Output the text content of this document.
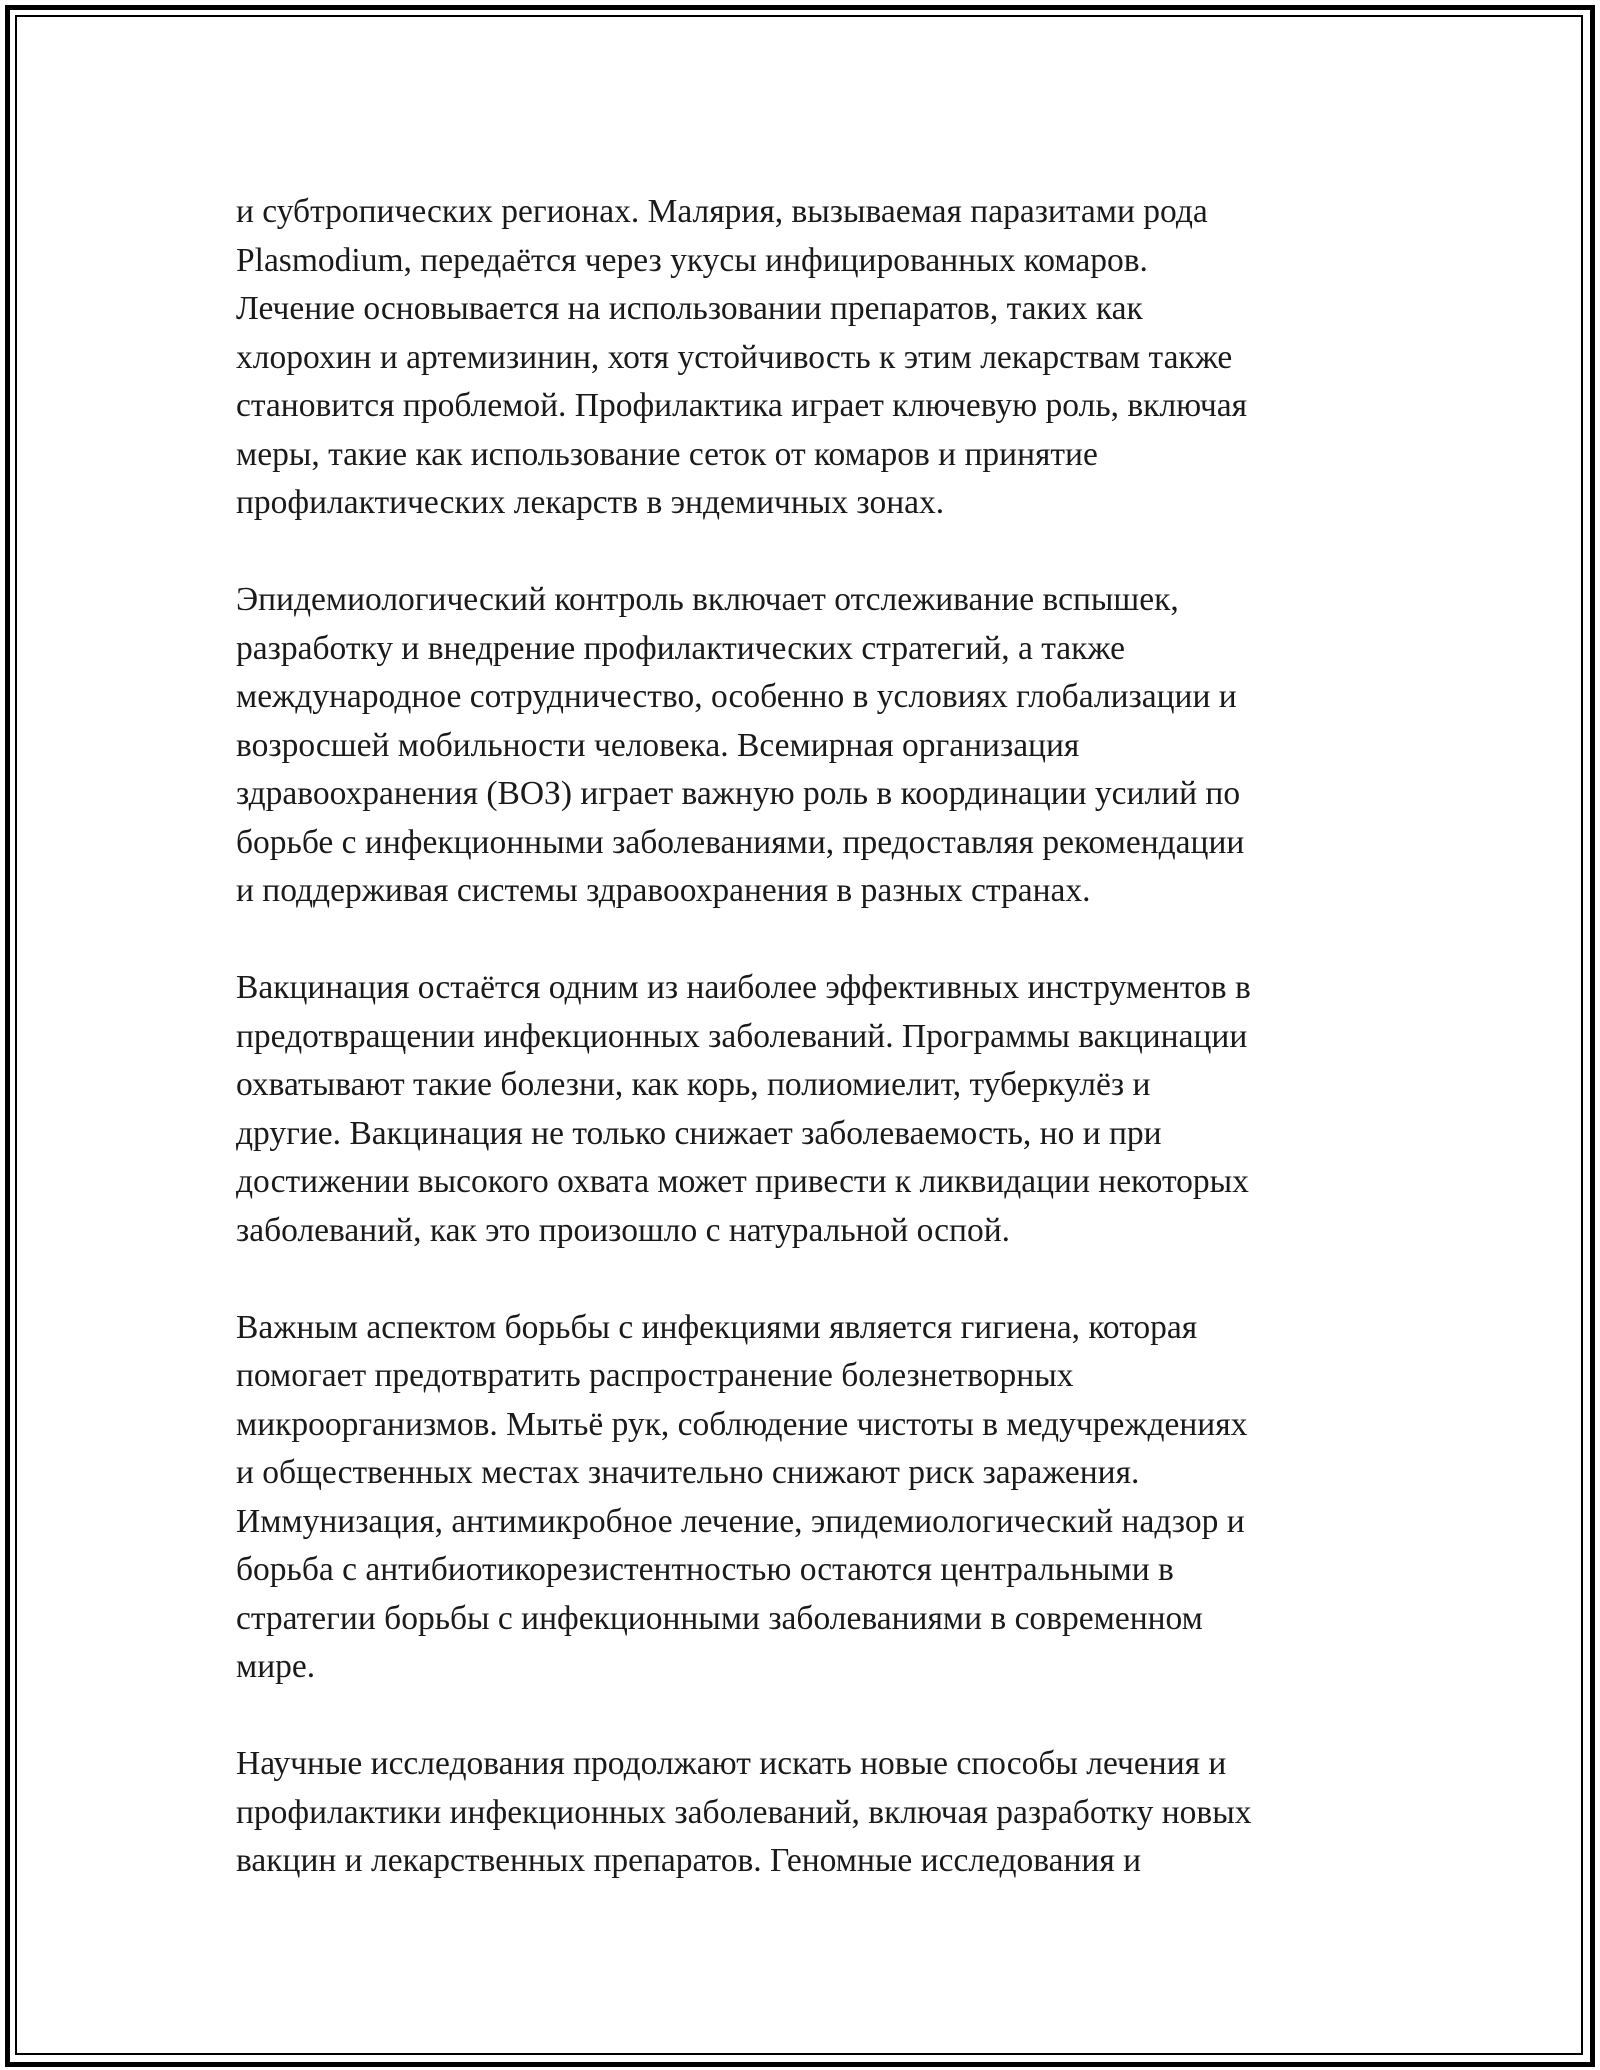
и субтропических регионах. Малярия, вызываемая паразитами рода
Plasmodium, передаётся через укусы инфицированных комаров.
Лечение основывается на использовании препаратов, таких как
хлорохин и артемизинин, хотя устойчивость к этим лекарствам также
становится проблемой. Профилактика играет ключевую роль, включая
меры, такие как использование сеток от комаров и принятие
профилактических лекарств в эндемичных зонах.

Эпидемиологический контроль включает отслеживание вспышек,
разработку и внедрение профилактических стратегий, а также
международное сотрудничество, особенно в условиях глобализации и
возросшей мобильности человека. Всемирная организация
здравоохранения (ВОЗ) играет важную роль в координации усилий по
борьбе с инфекционными заболеваниями, предоставляя рекомендации
и поддерживая системы здравоохранения в разных странах.

Вакцинация остаётся одним из наиболее эффективных инструментов в
предотвращении инфекционных заболеваний. Программы вакцинации
охватывают такие болезни, как корь, полиомиелит, туберкулёз и
другие. Вакцинация не только снижает заболеваемость, но и при
достижении высокого охвата может привести к ликвидации некоторых
заболеваний, как это произошло с натуральной оспой.

Важным аспектом борьбы с инфекциями является гигиена, которая
помогает предотвратить распространение болезнетворных
микроорганизмов. Мытьё рук, соблюдение чистоты в медучреждениях
и общественных местах значительно снижают риск заражения.
Иммунизация, антимикробное лечение, эпидемиологический надзор и
борьба с антибиотикорезистентностью остаются центральными в
стратегии борьбы с инфекционными заболеваниями в современном
мире.

Научные исследования продолжают искать новые способы лечения и
профилактики инфекционных заболеваний, включая разработку новых
вакцин и лекарственных препаратов. Геномные исследования и
